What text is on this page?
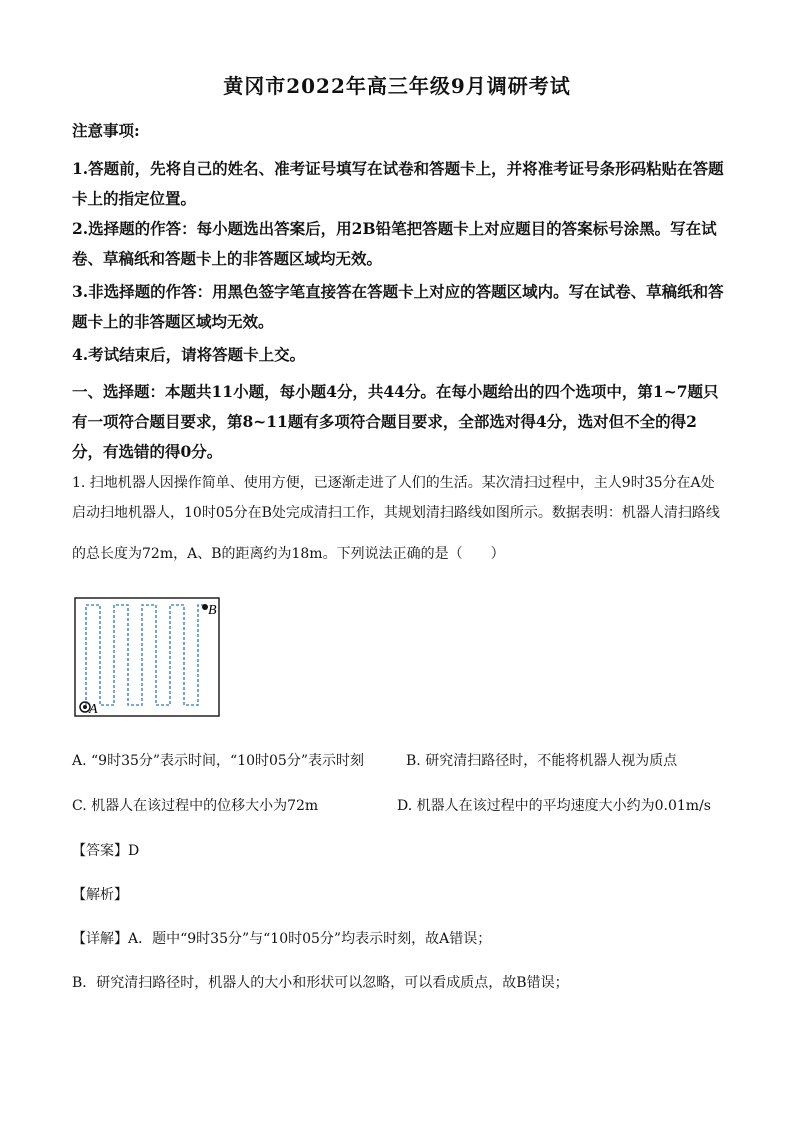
黄冈市2022年高三年级9月调研考试
注意事项:
1.答题前，先将自己的姓名、准考证号填写在试卷和答题卡上，并将准考证号条形码粘贴在答题卡上的指定位置。
2.选择题的作答：每小题选出答案后，用2B铅笔把答题卡上对应题目的答案标号涂黑。写在试卷、草稿纸和答题卡上的非答题区域均无效。
3.非选择题的作答：用黑色签字笔直接答在答题卡上对应的答题区域内。写在试卷、草稿纸和答题卡上的非答题区域均无效。
4.考试结束后，请将答题卡上交。
一、选择题：本题共11小题，每小题4分，共44分。在每小题给出的四个选项中，第1~7题只有一项符合题目要求，第8~11题有多项符合题目要求，全部选对得4分，选对但不全的得2分，有选错的得0分。
1. 扫地机器人因操作简单、使用方便，已逐渐走进了人们的生活。某次清扫过程中，主人9时35分在A处启动扫地机器人，10时05分在B处完成清扫工作，其规划清扫路线如图所示。数据表明：机器人清扫路线
的总长度为72m，A、B的距离约为18m。下列说法正确的是（　　）
B
A
A. “9时35分”表示时间，“10时05分”表示时刻	B. 研究清扫路径时，不能将机器人视为质点
C. 机器人在该过程中的位移大小为72m	D. 机器人在该过程中的平均速度大小约为0.01m/s
【答案】D
【解析】
【详解】A．题中“9时35分”与“10时05分”均表示时刻，故A错误；
B．研究清扫路径时，机器人的大小和形状可以忽略，可以看成质点，故B错误；
